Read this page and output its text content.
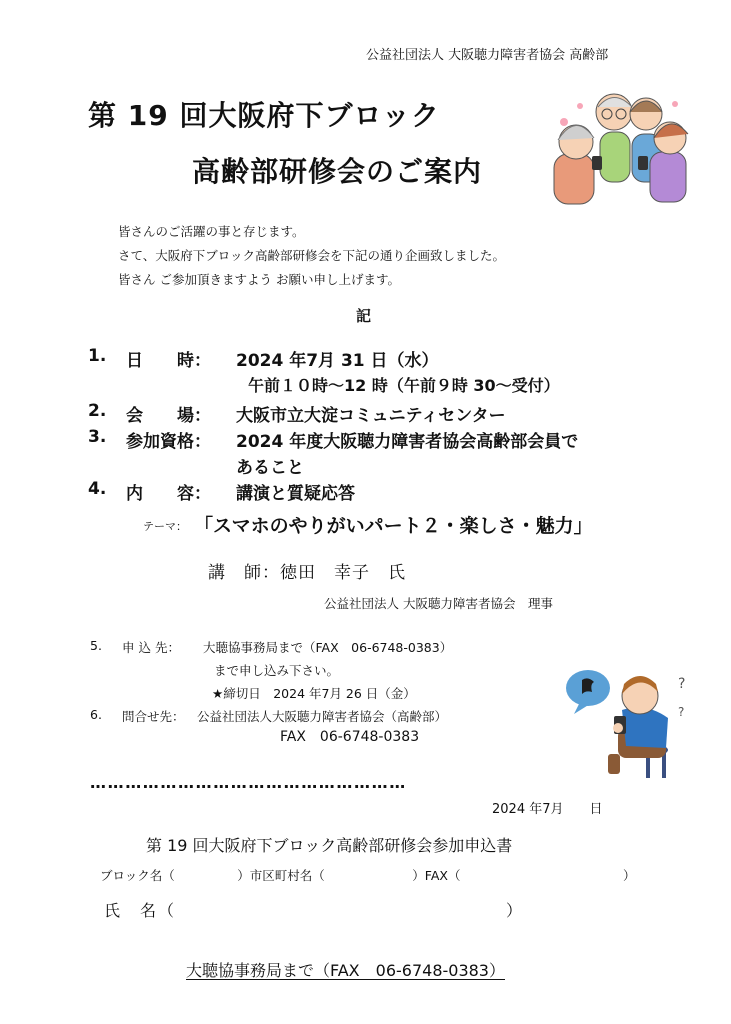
公益社団法人 大阪聴力障害者協会 高齢部
第 19 回大阪府下ブロック
高齢部研修会のご案内
皆さんのご活躍の事と存じます。
さて、大阪府下ブロック高齢部研修会を下記の通り企画致しました。
皆さん ご参加頂きますよう お願い申し上げます。
記
1. 日　　時： 2024 年7月 31 日（水）
午前１０時～12 時（午前９時 30～受付）
2. 会　　場： 大阪市立大淀コミュニティセンター
3. 参加資格： 2024 年度大阪聴力障害者協会高齢部会員で
あること
4. 内　　容： 講演と質疑応答
テーマ： 「スマホのやりがいパート２・楽しさ・魅力」
講　師：徳田　幸子　氏
公益社団法人 大阪聴力障害者協会　理事
5. 申 込 先： 大聴協事務局まで（FAX　06-6748-0383）
まで申し込み下さい。
★締切日　2024 年7月 26 日（金）
6. 問合せ先： 公益社団法人大阪聴力障害者協会（高齢部）
FAX　06-6748-0383
?
?
………………………………………………
2024 年7月　　日
第 19 回大阪府下ブロック高齢部研修会参加申込書
ブロック名（　　　　　）市区町村名（　　　　　　　）FAX（　　　　　　　　　　　　　）
氏　名（	）
大聴協事務局まで（FAX　06-6748-0383）
